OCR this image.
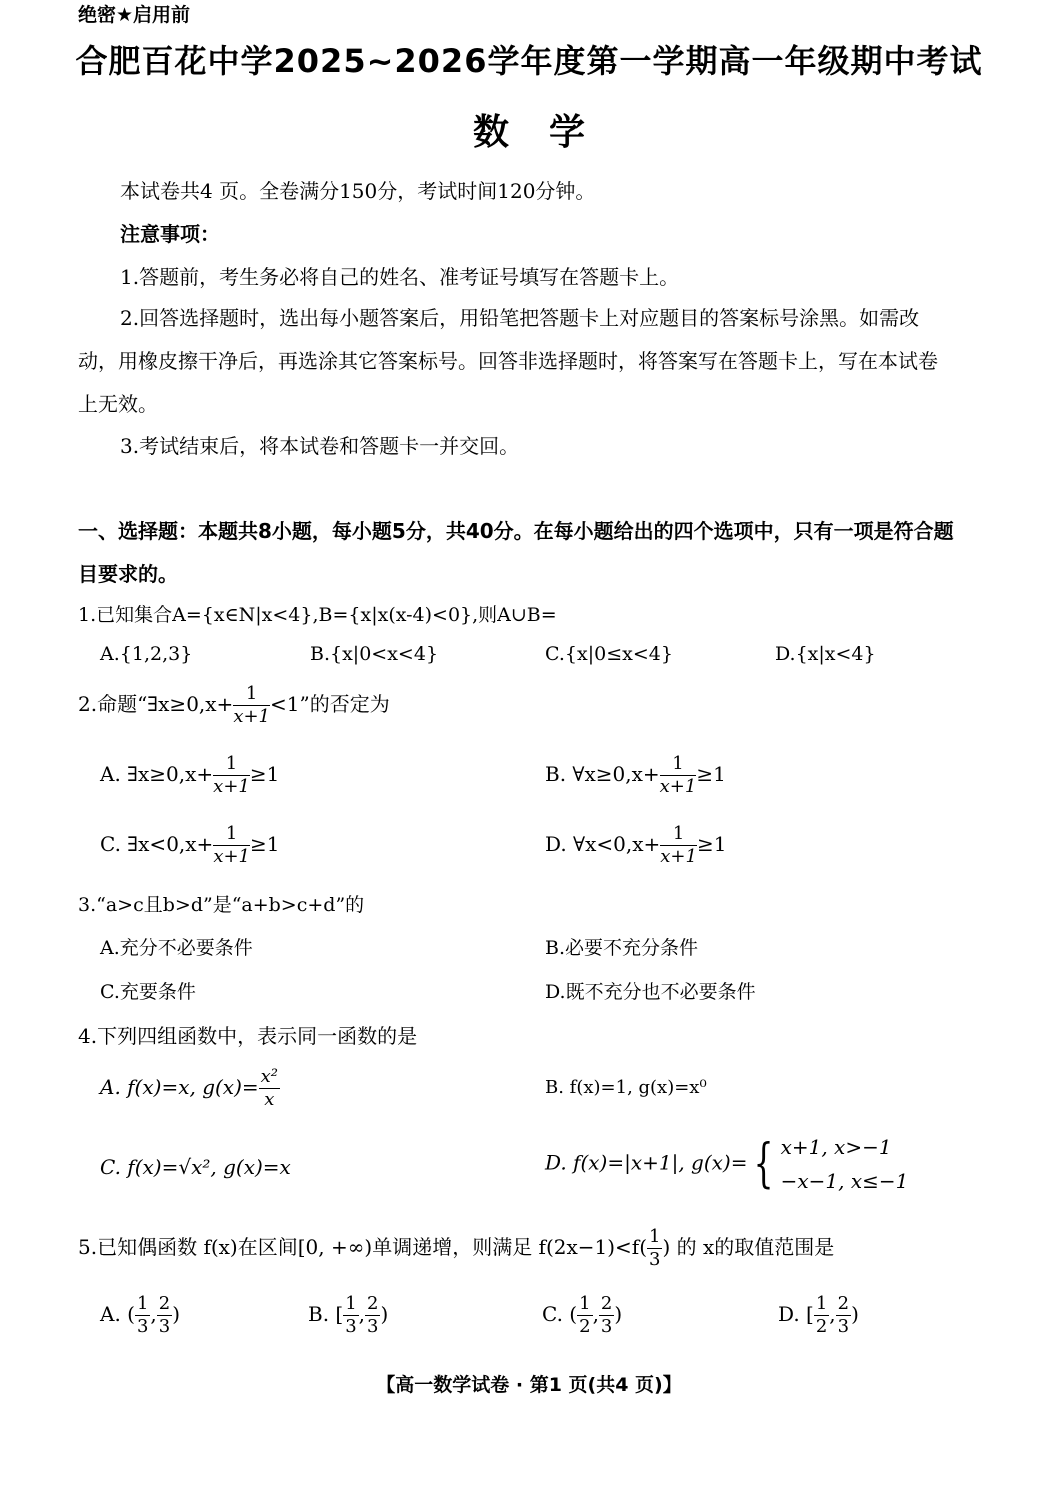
绝密★启用前
合肥百花中学2025~2026学年度第一学期高一年级期中考试
数学
本试卷共4 页。全卷满分150分，考试时间120分钟。
注意事项：
1.答题前，考生务必将自己的姓名、准考证号填写在答题卡上。
2.回答选择题时，选出每小题答案后，用铅笔把答题卡上对应题目的答案标号涂黑。如需改
动，用橡皮擦干净后，再选涂其它答案标号。回答非选择题时，将答案写在答题卡上，写在本试卷
上无效。
3.考试结束后，将本试卷和答题卡一并交回。
一、选择题：本题共8小题，每小题5分，共40分。在每小题给出的四个选项中，只有一项是符合题
目要求的。
1.已知集合A={x∈N|x<4},B={x|x(x-4)<0},则A∪B=
A.{1,2,3}	B.{x|0<x<4}	C.{x|0≤x<4}	D.{x|x<4}
2.命题“∃x≥0,x+ $\frac{1}{x+1} <1$”的否定为
A. ∃x≥0,x+ $\frac{1}{x+1} \ge 1$	B. ∀x≥0,x+ $\frac{1}{x+1} \ge 1$
C. ∃x<0,x+ $\frac{1}{x+1} \ge 1$	D. ∀x<0,x+ $\frac{1}{x+1} \ge 1$
3.“a>c且b>d”是“a+b>c+d”的
A.充分不必要条件	B.必要不充分条件
C.充要条件	D.既不充分也不必要条件
4.下列四组函数中，表示同一函数的是
A. f(x)=x, $g(x)= \frac{\text{x²}}{x}$	B. f(x)=1, g(x)=x⁰
C. f(x)=√x², g(x)=x	D. f(x)=|x+1|, g(x)= { x+1, x>−1
−x−1, x≤−1
5.已知偶函数 f(x)在区间[0, +∞)单调递增，则满足 $f(2x-1)<f( \frac{1}{3}$ ) 的 x的取值范围是
A. ( $\frac{1}{3}$ , $\frac{2}{3}$ )	B. [ $\frac{1}{3}$ , $\frac{2}{3}$ )	C. ( $\frac{1}{2}$ , $\frac{2}{3}$ )	D. [ $\frac{1}{2}$ , $\frac{2}{3}$ )
【高一数学试卷 · 第1 页(共4 页)】
